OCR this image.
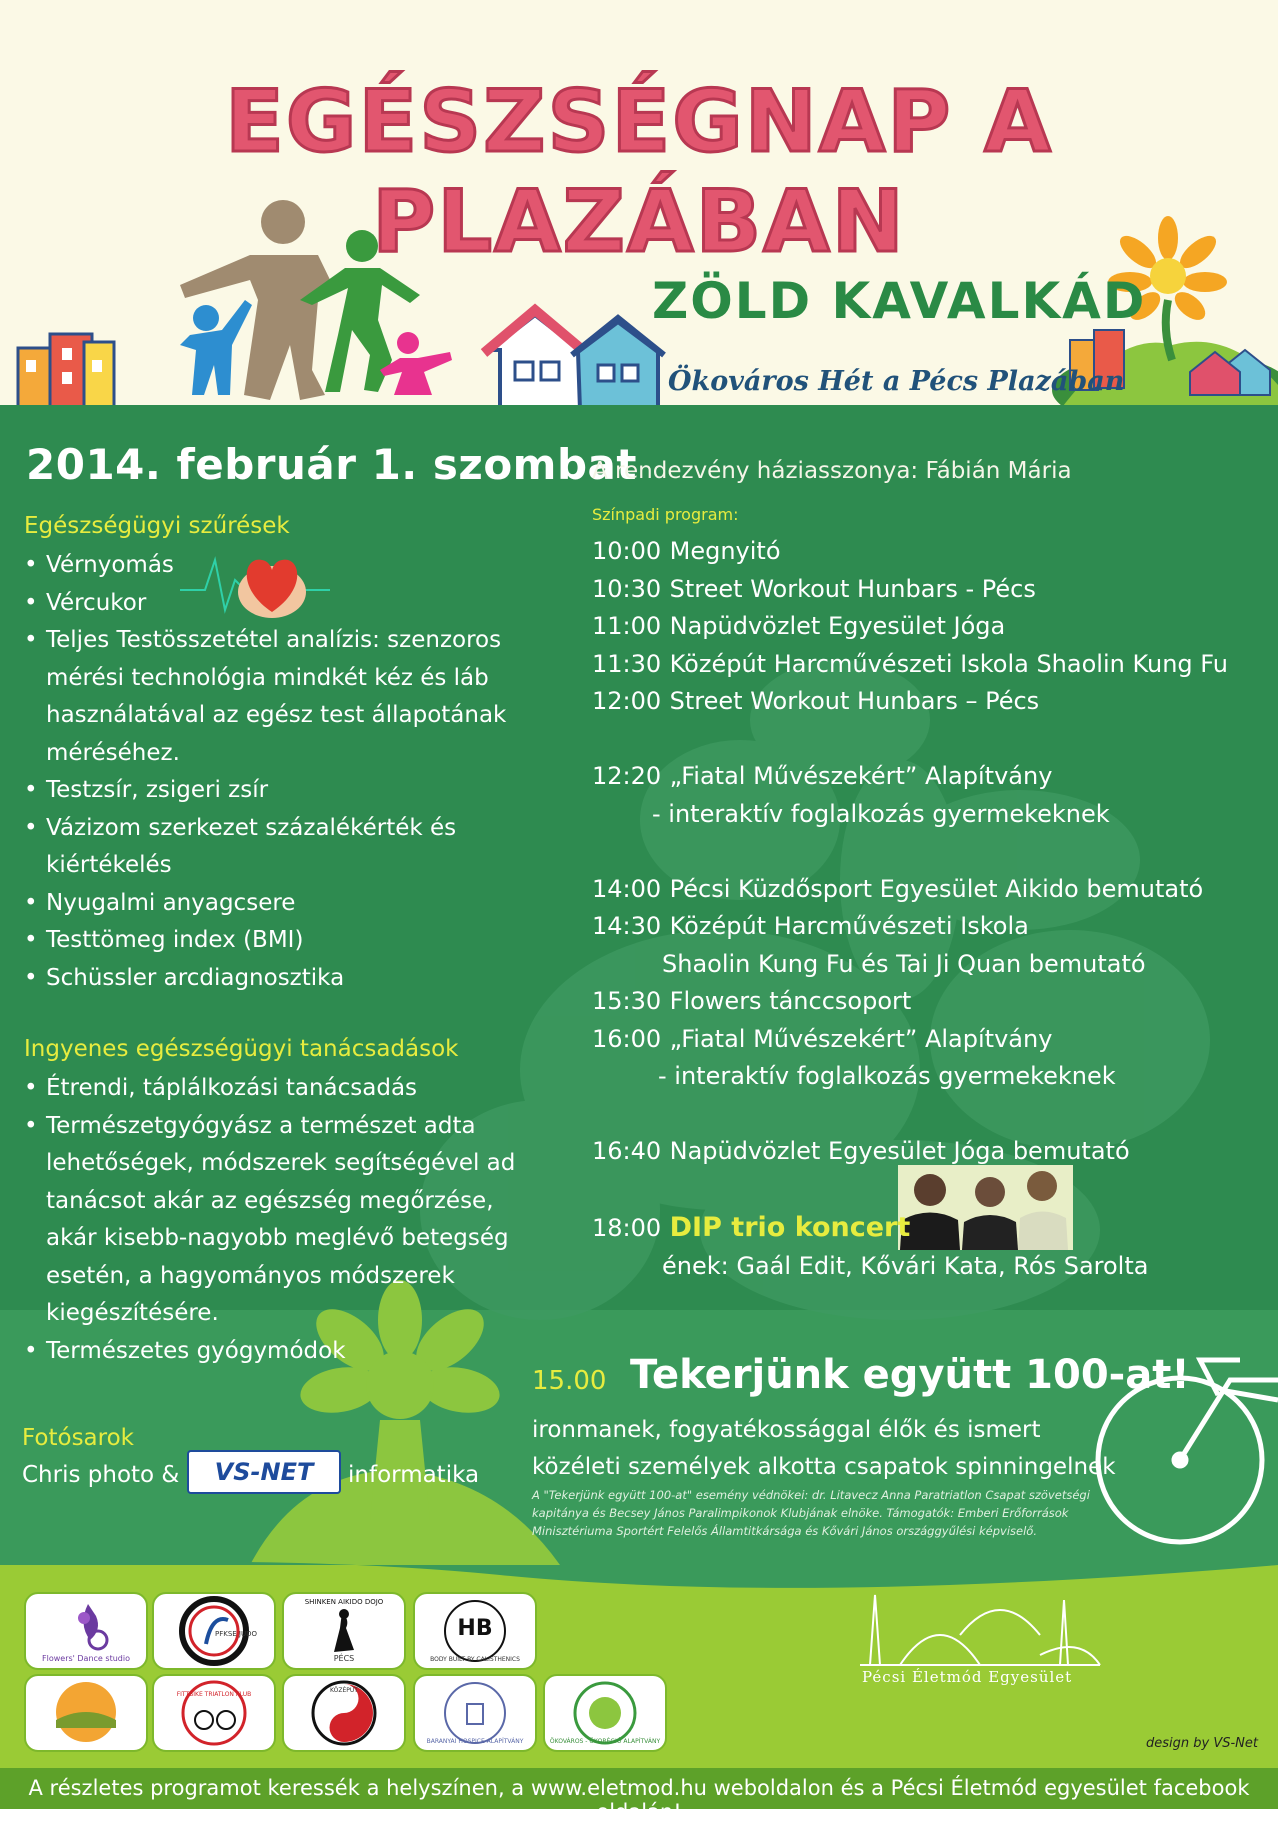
EGÉSZSÉGNAP A PLAZÁBAN
ZÖLD KAVALKÁD
Ökováros Hét a Pécs Plazában
2014. február 1. szombat
A rendezvény háziasszonya: Fábián Mária
Színpadi program:
Egészségügyi szűrések
• Vérnyomás
• Vércukor
• Teljes Testösszetétel analízis: szenzoros
mérési technológia mindkét kéz és láb
használatával az egész test állapotának
méréséhez.
• Testzsír, zsigeri zsír
• Vázizom szerkezet százalékérték és
kiértékelés
• Nyugalmi anyagcsere
• Testtömeg index (BMI)
• Schüssler arcdiagnosztika
Ingyenes egészségügyi tanácsadások
• Étrendi, táplálkozási tanácsadás
• Természetgyógyász a természet adta
lehetőségek, módszerek segítségével ad
tanácsot akár az egészség megőrzése,
akár kisebb-nagyobb meglévő betegség
esetén, a hagyományos módszerek
kiegészítésére.
• Természetes gyógymódok
10:00 Megnyitó
10:30 Street Workout Hunbars - Pécs
11:00 Napüdvözlet Egyesület Jóga
11:30 Középút Harcművészeti Iskola Shaolin Kung Fu
12:00 Street Workout Hunbars – Pécs
12:20 „Fiatal Művészekért” Alapítvány
- interaktív foglalkozás gyermekeknek
14:00 Pécsi Küzdősport Egyesület Aikido bemutató
14:30 Középút Harcművészeti Iskola
Shaolin Kung Fu és Tai Ji Quan bemutató
15:30 Flowers tánccsoport
16:00 „Fiatal Művészekért” Alapítvány
- interaktív foglalkozás gyermekeknek
16:40 Napüdvözlet Egyesület Jóga bemutató
18:00 DIP trio koncert
ének: Gaál Edit, Kővári Kata, Rós Sarolta
15.00 Tekerjünk együtt 100-at!
ironmanek, fogyatékossággal élők és ismert
közéleti személyek alkotta csapatok spinningelnek
A "Tekerjünk együtt 100-at" esemény védnökei: dr. Litavecz Anna Paratriatlon Csapat szövetségi kapitánya és Becsey János Paralimpikonok Klubjának elnöke. Támogatók: Emberi Erőforrások Minisztériuma Sportért Felelős Államtitkársága és Kővári János országgyűlési képviselő.
Fotósarok
Chris photo &	VS-NET	informatika
Flowers' Dance studio
PFKSE JUDO
SHINKEN AIKIDO DOJO
PÉCS
HB
BODY BUILT BY CALISTHENICS
FITTBIKE TRIATLON KLUB
KÖZÉPÚT
BARANYAI HOSPICE ALAPÍTVÁNY	ÖKOVÁROS - ÖKORÉGIÓ ALAPÍTVÁNY
Pécsi Életmód Egyesület
design by VS-Net
A részletes programot keressék a helyszínen, a www.eletmod.hu weboldalon és a Pécsi Életmód egyesület facebook oldalán!
